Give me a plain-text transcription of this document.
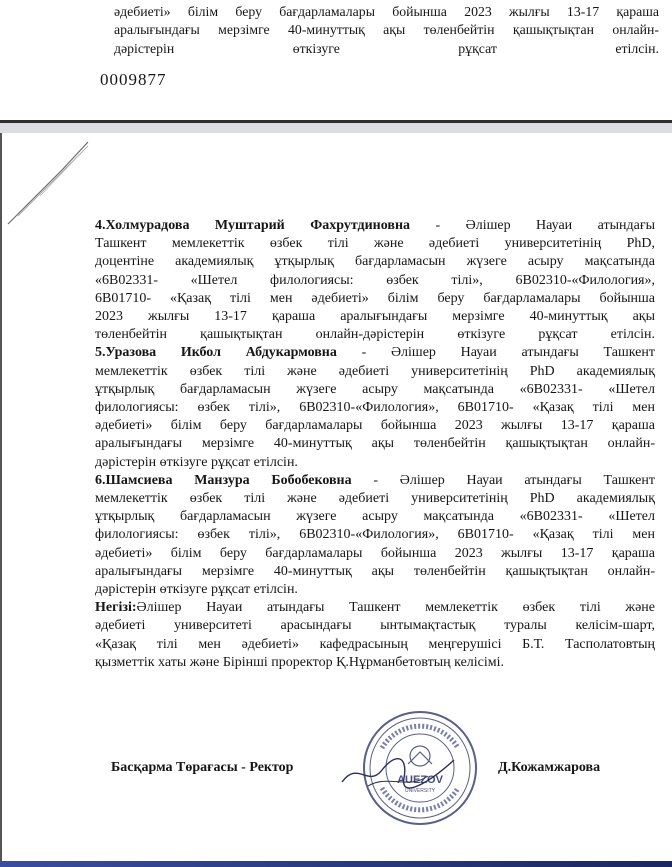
әдебиеті» білім беру бағдарламалары бойынша 2023 жылғы 13-17 қараша
аралығындағы мерзімге 40-минуттық ақы төленбейтін қашықтықтан онлайн-
дәрістерін өткізуге рұқсат етілсін.
0009877
4.Холмурадова Муштарий Фахрутдиновна - Әлішер Науаи атындағы
Ташкент мемлекеттік өзбек тілі және әдебиеті университетінің PhD,
доцентіне академиялық ұтқырлық бағдарламасын жүзеге асыру мақсатында
«6В02331- «Шетел филологиясы: өзбек тілі», 6В02310-«Филология»,
6В01710- «Қазақ тілі мен әдебиеті» білім беру бағдарламалары бойынша
2023 жылғы 13-17 қараша аралығындағы мерзімге 40-минуттық ақы
төленбейтін қашықтықтан онлайн-дәрістерін өткізуге рұқсат етілсін.
5.Уразова Икбол Абдукармовна - Әлішер Науаи атындағы Ташкент
мемлекеттік өзбек тілі және әдебиеті университетінің PhD академиялық
ұтқырлық бағдарламасын жүзеге асыру мақсатында «6В02331- «Шетел
филологиясы: өзбек тілі», 6В02310-«Филология», 6В01710- «Қазақ тілі мен
әдебиеті» білім беру бағдарламалары бойынша 2023 жылғы 13-17 қараша
аралығындағы мерзімге 40-минуттық ақы төленбейтін қашықтықтан онлайн-
дәрістерін өткізуге рұқсат етілсін.
6.Шамсиева Манзура Бобобековна - Әлішер Науаи атындағы Ташкент
мемлекеттік өзбек тілі және әдебиеті университетінің PhD академиялық
ұтқырлық бағдарламасын жүзеге асыру мақсатында «6В02331- «Шетел
филологиясы: өзбек тілі», 6В02310-«Филология», 6В01710- «Қазақ тілі мен
әдебиеті» білім беру бағдарламалары бойынша 2023 жылғы 13-17 қараша
аралығындағы мерзімге 40-минуттық ақы төленбейтін қашықтықтан онлайн-
дәрістерін өткізуге рұқсат етілсін.
Негізі:Әлішер Науаи атындағы Ташкент мемлекеттік өзбек тілі және
әдебиеті университеті арасындағы ынтымақтастық туралы келісім-шарт,
«Қазақ тілі мен әдебиеті» кафедрасының меңгерушісі Б.Т. Тасполатовтың
қызметтік хаты және Бірінші проректор Қ.Нұрманбетовтың келісімі.
AUEZOV
UNIVERSITY
Басқарма Төрағасы - Ректор	Д.Кожамжарова
